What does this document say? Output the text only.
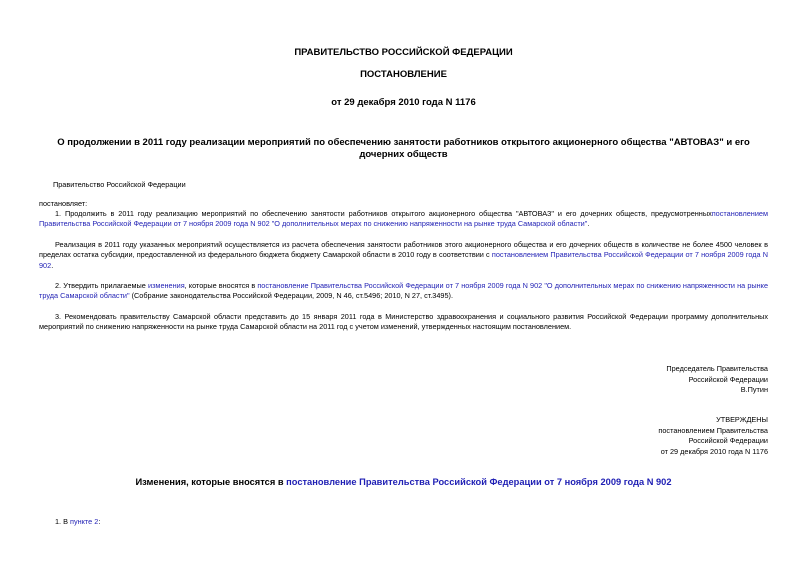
ПРАВИТЕЛЬСТВО РОССИЙСКОЙ ФЕДЕРАЦИИ
ПОСТАНОВЛЕНИЕ
от 29 декабря 2010 года N 1176
О продолжении в 2011 году реализации мероприятий по обеспечению занятости работников открытого акционерного общества "АВТОВАЗ" и его дочерних обществ
Правительство Российской Федерации
постановляет:
1. Продолжить в 2011 году реализацию мероприятий по обеспечению занятости работников открытого акционерного общества "АВТОВАЗ" и его дочерних обществ, предусмотренныхпостановлением Правительства Российской Федерации от 7 ноября 2009 года N 902 "О дополнительных мерах по снижению напряженности на рынке труда Самарской области".
Реализация в 2011 году указанных мероприятий осуществляется из расчета обеспечения занятости работников этого акционерного общества и его дочерних обществ в количестве не более 4500 человек в пределах остатка субсидии, предоставленной из федерального бюджета бюджету Самарской области в 2010 году в соответствии с постановлением Правительства Российской Федерации от 7 ноября 2009 года N 902.
2. Утвердить прилагаемые изменения, которые вносятся в постановление Правительства Российской Федерации от 7 ноября 2009 года N 902 "О дополнительных мерах по снижению напряженности на рынке труда Самарской области" (Собрание законодательства Российской Федерации, 2009, N 46, ст.5496; 2010, N 27, ст.3495).
3. Рекомендовать правительству Самарской области представить до 15 января 2011 года в Министерство здравоохранения и социального развития Российской Федерации программу дополнительных мероприятий по снижению напряженности на рынке труда Самарской области на 2011 год с учетом изменений, утвержденных настоящим постановлением.
Председатель Правительства
Российской Федерации
В.Путин
УТВЕРЖДЕНЫ
постановлением Правительства
Российской Федерации
от 29 декабря 2010 года N 1176
Изменения, которые вносятся в постановление Правительства Российской Федерации от 7 ноября 2009 года N 902
1. В пункте 2:
